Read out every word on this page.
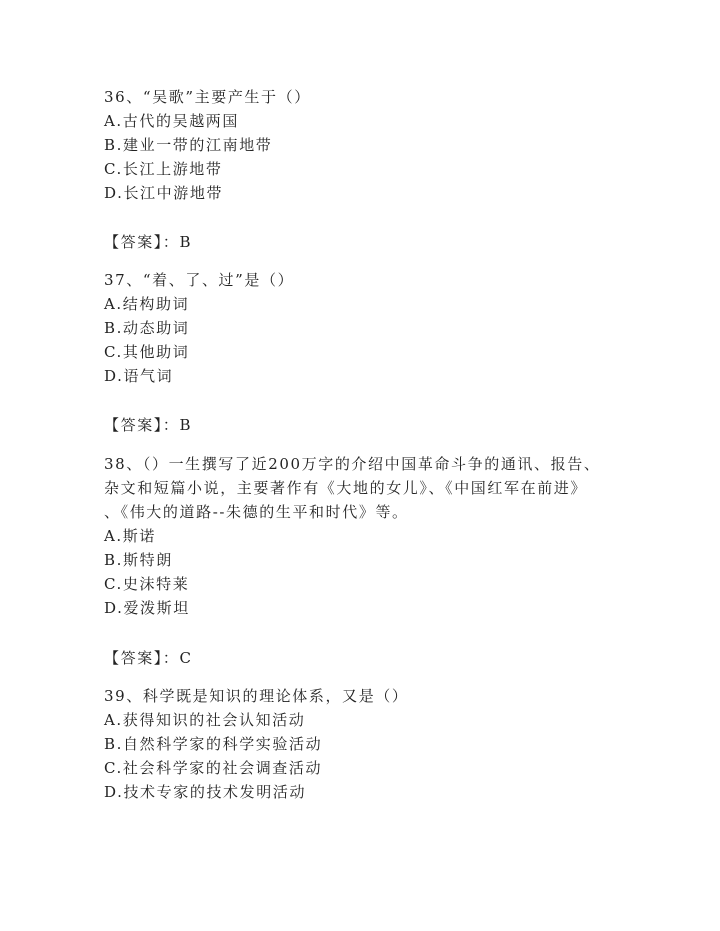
36、“吴歌”主要产生于（）
A.古代的吴越两国
B.建业一带的江南地带
C.长江上游地带
D.长江中游地带
【答案】：B
37、“着、了、过”是（）
A.结构助词
B.动态助词
C.其他助词
D.语气词
【答案】：B
38、（）一生撰写了近200万字的介绍中国革命斗争的通讯、报告、
杂文和短篇小说，主要著作有《大地的女儿》、《中国红军在前进》
、《伟大的道路--朱德的生平和时代》等。
A.斯诺
B.斯特朗
C.史沫特莱
D.爱泼斯坦
【答案】：C
39、科学既是知识的理论体系，又是（）
A.获得知识的社会认知活动
B.自然科学家的科学实验活动
C.社会科学家的社会调查活动
D.技术专家的技术发明活动
